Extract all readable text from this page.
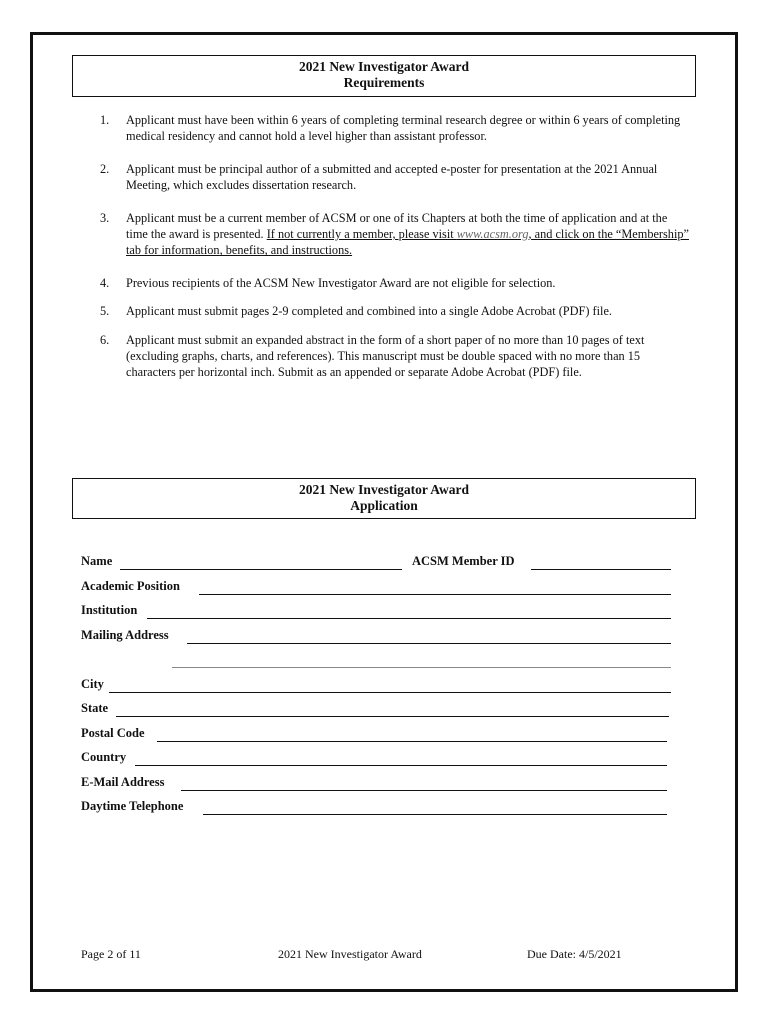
2021 New Investigator Award
Requirements
1. Applicant must have been within 6 years of completing terminal research degree or within 6 years of completing medical residency and cannot hold a level higher than assistant professor.
2. Applicant must be principal author of a submitted and accepted e-poster for presentation at the 2021 Annual Meeting, which excludes dissertation research.
3. Applicant must be a current member of ACSM or one of its Chapters at both the time of application and at the time the award is presented. If not currently a member, please visit www.acsm.org, and click on the “Membership” tab for information, benefits, and instructions.
4. Previous recipients of the ACSM New Investigator Award are not eligible for selection.
5. Applicant must submit pages 2-9 completed and combined into a single Adobe Acrobat (PDF) file.
6. Applicant must submit an expanded abstract in the form of a short paper of no more than 10 pages of text (excluding graphs, charts, and references). This manuscript must be double spaced with no more than 15 characters per horizontal inch. Submit as an appended or separate Adobe Acrobat (PDF) file.
2021 New Investigator Award
Application
Name	ACSM Member ID
Academic Position
Institution
Mailing Address
City
State
Postal Code
Country
E-Mail Address
Daytime Telephone
Page 2 of 11	2021 New Investigator Award	Due Date: 4/5/2021
